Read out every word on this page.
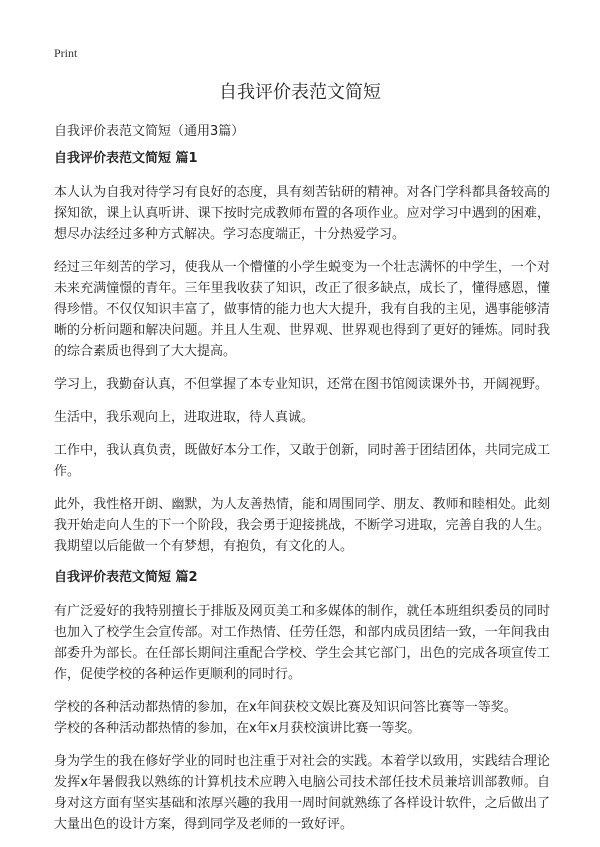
Print
自我评价表范文简短

自我评价表范文简短（通用3篇）

自我评价表范文简短 篇1

本人认为自我对待学习有良好的态度，具有刻苦钻研的精神。对各门学科都具备较高的探知欲，课上认真听讲、课下按时完成教师布置的各项作业。应对学习中遇到的困难，想尽办法经过多种方式解决。学习态度端正，十分热爱学习。

经过三年刻苦的学习，使我从一个懵懂的小学生蜕变为一个壮志满怀的中学生，一个对未来充满憧憬的青年。三年里我收获了知识，改正了很多缺点，成长了，懂得感恩，懂得珍惜。不仅仅知识丰富了，做事情的能力也大大提升，我有自我的主见，遇事能够清晰的分析问题和解决问题。并且人生观、世界观、世界观也得到了更好的锤炼。同时我的综合素质也得到了大大提高。

学习上，我勤奋认真，不但掌握了本专业知识，还常在图书馆阅读课外书，开阔视野。

生活中，我乐观向上，进取进取，待人真诚。

工作中，我认真负责，既做好本分工作，又敢于创新，同时善于团结团体，共同完成工作。

此外，我性格开朗、幽默，为人友善热情，能和周围同学、朋友、教师和睦相处。此刻我开始走向人生的下一个阶段，我会勇于迎接挑战，不断学习进取，完善自我的人生。我期望以后能做一个有梦想，有抱负，有文化的人。

自我评价表范文简短 篇2

有广泛爱好的我特别擅长于排版及网页美工和多媒体的制作，就任本班组织委员的同时也加入了校学生会宣传部。对工作热情、任劳任怨，和部内成员团结一致，一年间我由部委升为部长。在任部长期间注重配合学校、学生会其它部门，出色的完成各项宣传工作，促使学校的各种运作更顺利的同时行。

学校的各种活动都热情的参加，在x年间获校文娱比赛及知识问答比赛等一等奖。

学校的各种活动都热情的参加，在x年x月获校演讲比赛一等奖。

身为学生的我在修好学业的同时也注重于对社会的实践。本着学以致用，实践结合理论发挥x年暑假我以熟练的计算机技术应聘入电脑公司技术部任技术员兼培训部教师。自身对这方面有坚实基础和浓厚兴趣的我用一周时间就熟练了各样设计软件，之后做出了大量出色的设计方案，得到同学及老师的一致好评。
